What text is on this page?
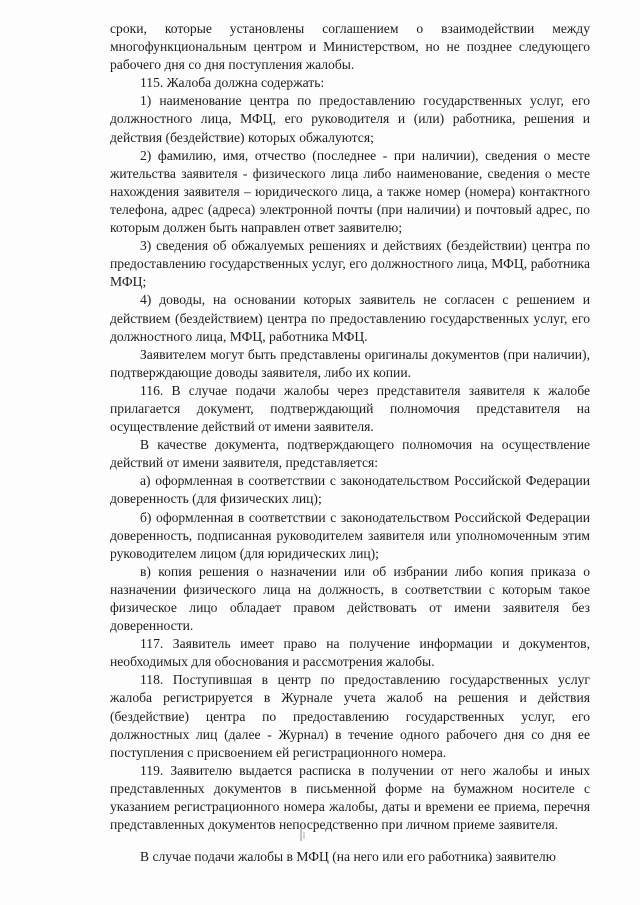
сроки, которые установлены соглашением о взаимодействии между многофункциональным центром и Министерством, но не позднее следующего рабочего дня со дня поступления жалобы.

115. Жалоба должна содержать:

1) наименование центра по предоставлению государственных услуг, его должностного лица, МФЦ, его руководителя и (или) работника, решения и действия (бездействие) которых обжалуются;

2) фамилию, имя, отчество (последнее - при наличии), сведения о месте жительства заявителя - физического лица либо наименование, сведения о месте нахождения заявителя – юридического лица, а также номер (номера) контактного телефона, адрес (адреса) электронной почты (при наличии) и почтовый адрес, по которым должен быть направлен ответ заявителю;

3) сведения об обжалуемых решениях и действиях (бездействии) центра по предоставлению государственных услуг, его должностного лица, МФЦ, работника МФЦ;

4) доводы, на основании которых заявитель не согласен с решением и действием (бездействием) центра по предоставлению государственных услуг, его должностного лица, МФЦ, работника МФЦ.

Заявителем могут быть представлены оригиналы документов (при наличии), подтверждающие доводы заявителя, либо их копии.

116. В случае подачи жалобы через представителя заявителя к жалобе прилагается документ, подтверждающий полномочия представителя на осуществление действий от имени заявителя.

В качестве документа, подтверждающего полномочия на осуществление действий от имени заявителя, представляется:

а) оформленная в соответствии с законодательством Российской Федерации доверенность (для физических лиц);

б) оформленная в соответствии с законодательством Российской Федерации доверенность, подписанная руководителем заявителя или уполномоченным этим руководителем лицом (для юридических лиц);

в) копия решения о назначении или об избрании либо копия приказа о назначении физического лица на должность, в соответствии с которым такое физическое лицо обладает правом действовать от имени заявителя без доверенности.

117. Заявитель имеет право на получение информации и документов, необходимых для обоснования и рассмотрения жалобы.

118. Поступившая в центр по предоставлению государственных услуг жалоба регистрируется в Журнале учета жалоб на решения и действия (бездействие) центра по предоставлению государственных услуг, его должностных лиц (далее - Журнал) в течение одного рабочего дня со дня ее поступления с присвоением ей регистрационного номера.

119. Заявителю выдается расписка в получении от него жалобы и иных представленных документов в письменной форме на бумажном носителе с указанием регистрационного номера жалобы, даты и времени ее приема, перечня представленных документов непосредственно при личном приеме заявителя.

В случае подачи жалобы в МФЦ (на него или его работника) заявителю
